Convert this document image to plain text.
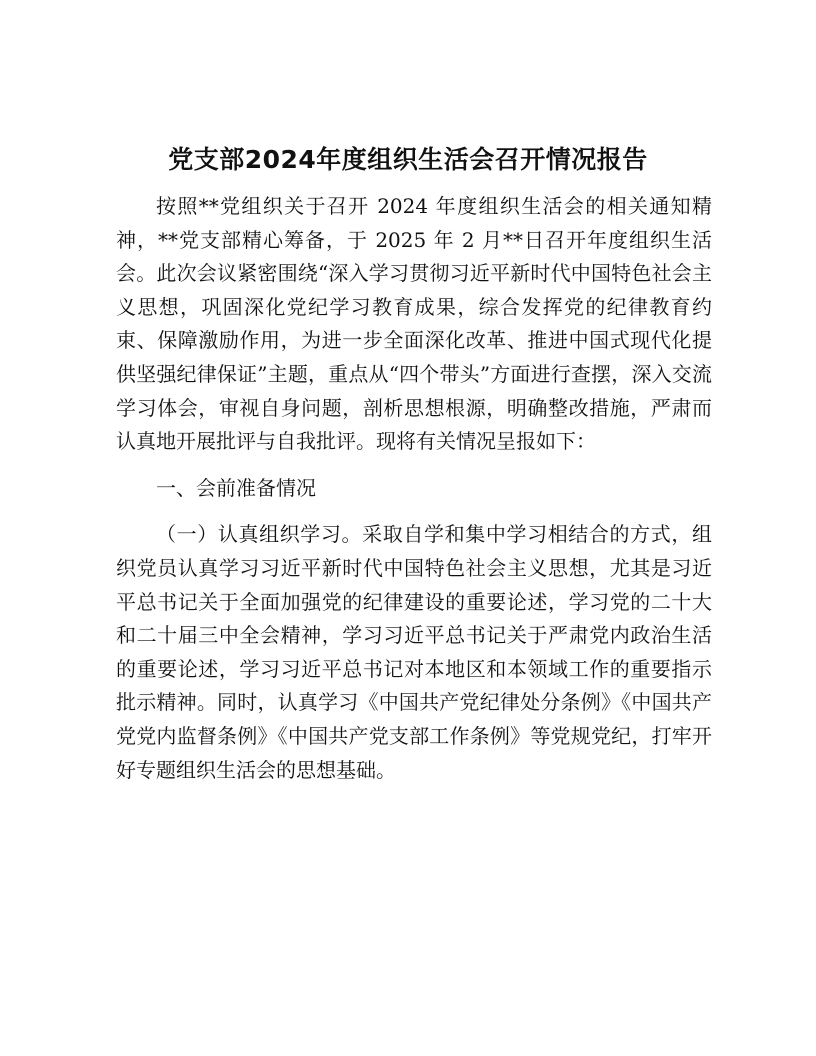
党支部2024年度组织生活会召开情况报告

按照**党组织关于召开 2024 年度组织生活会的相关通知精神，**党支部精心筹备，于 2025 年 2 月**日召开年度组织生活会。此次会议紧密围绕“深入学习贯彻习近平新时代中国特色社会主义思想，巩固深化党纪学习教育成果，综合发挥党的纪律教育约束、保障激励作用，为进一步全面深化改革、推进中国式现代化提供坚强纪律保证”主题，重点从“四个带头”方面进行查摆，深入交流学习体会，审视自身问题，剖析思想根源，明确整改措施，严肃而认真地开展批评与自我批评。现将有关情况呈报如下：

一、会前准备情况

（一）认真组织学习。采取自学和集中学习相结合的方式，组织党员认真学习习近平新时代中国特色社会主义思想，尤其是习近平总书记关于全面加强党的纪律建设的重要论述，学习党的二十大和二十届三中全会精神，学习习近平总书记关于严肃党内政治生活的重要论述，学习习近平总书记对本地区和本领域工作的重要指示批示精神。同时，认真学习《中国共产党纪律处分条例》《中国共产党党内监督条例》《中国共产党支部工作条例》等党规党纪，打牢开好专题组织生活会的思想基础。
